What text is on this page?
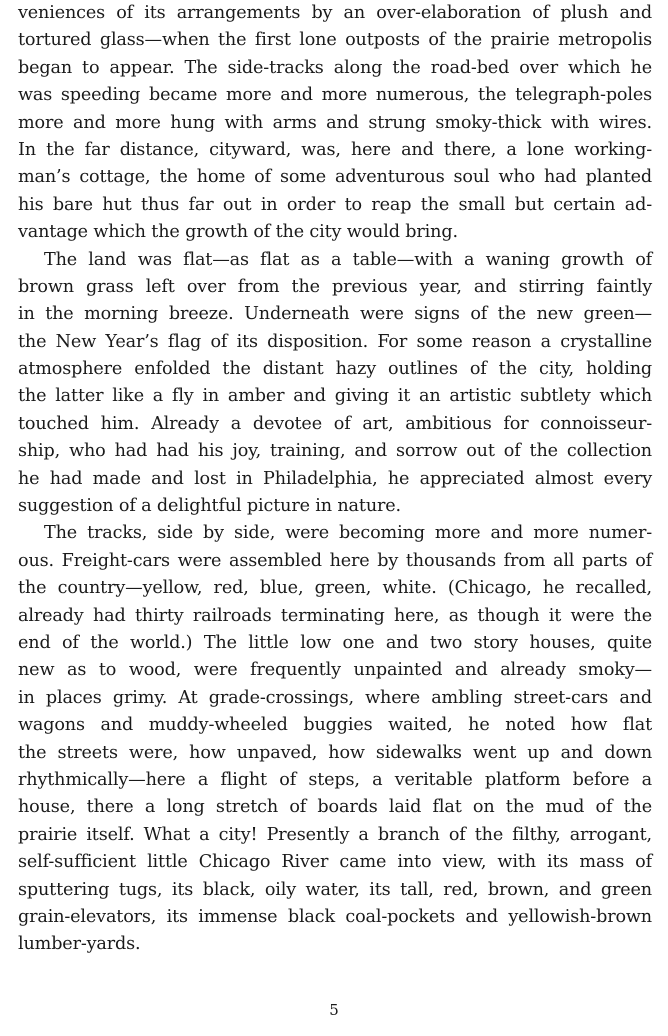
veniences of its arrangements by an over-elaboration of plush and
tortured glass—when the first lone outposts of the prairie metropolis
began to appear. The side-tracks along the road-bed over which he
was speeding became more and more numerous, the telegraph-poles
more and more hung with arms and strung smoky-thick with wires.
In the far distance, cityward, was, here and there, a lone working-
man’s cottage, the home of some adventurous soul who had planted
his bare hut thus far out in order to reap the small but certain ad-
vantage which the growth of the city would bring.
The land was flat—as flat as a table—with a waning growth of
brown grass left over from the previous year, and stirring faintly
in the morning breeze. Underneath were signs of the new green—
the New Year’s flag of its disposition. For some reason a crystalline
atmosphere enfolded the distant hazy outlines of the city, holding
the latter like a fly in amber and giving it an artistic subtlety which
touched him. Already a devotee of art, ambitious for connoisseur-
ship, who had had his joy, training, and sorrow out of the collection
he had made and lost in Philadelphia, he appreciated almost every
suggestion of a delightful picture in nature.
The tracks, side by side, were becoming more and more numer-
ous. Freight-cars were assembled here by thousands from all parts of
the country—yellow, red, blue, green, white. (Chicago, he recalled,
already had thirty railroads terminating here, as though it were the
end of the world.) The little low one and two story houses, quite
new as to wood, were frequently unpainted and already smoky—
in places grimy. At grade-crossings, where ambling street-cars and
wagons and muddy-wheeled buggies waited, he noted how flat
the streets were, how unpaved, how sidewalks went up and down
rhythmically—here a flight of steps, a veritable platform before a
house, there a long stretch of boards laid flat on the mud of the
prairie itself. What a city! Presently a branch of the filthy, arrogant,
self-sufficient little Chicago River came into view, with its mass of
sputtering tugs, its black, oily water, its tall, red, brown, and green
grain-elevators, its immense black coal-pockets and yellowish-brown
lumber-yards.
5
